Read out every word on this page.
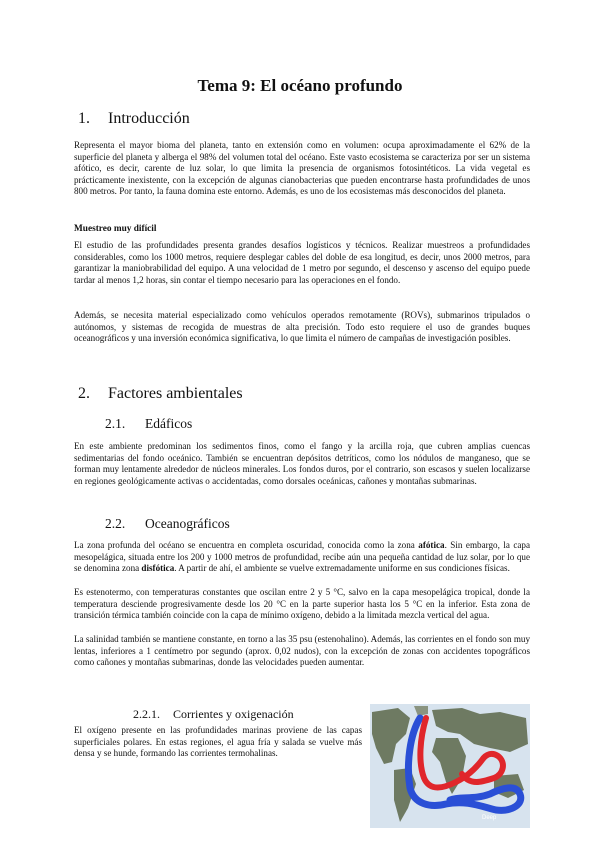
Tema 9: El océano profundo
1. Introducción

Representa el mayor bioma del planeta, tanto en extensión como en volumen: ocupa aproximadamente el 62% de la superficie del planeta y alberga el 98% del volumen total del océano. Este vasto ecosistema se caracteriza por ser un sistema afótico, es decir, carente de luz solar, lo que limita la presencia de organismos fotosintéticos. La vida vegetal es prácticamente inexistente, con la excepción de algunas cianobacterias que pueden encontrarse hasta profundidades de unos 800 metros. Por tanto, la fauna domina este entorno. Además, es uno de los ecosistemas más desconocidos del planeta.

Muestreo muy difícil

El estudio de las profundidades presenta grandes desafíos logísticos y técnicos. Realizar muestreos a profundidades considerables, como los 1000 metros, requiere desplegar cables del doble de esa longitud, es decir, unos 2000 metros, para garantizar la maniobrabilidad del equipo. A una velocidad de 1 metro por segundo, el descenso y ascenso del equipo puede tardar al menos 1,2 horas, sin contar el tiempo necesario para las operaciones en el fondo.

Además, se necesita material especializado como vehículos operados remotamente (ROVs), submarinos tripulados o autónomos, y sistemas de recogida de muestras de alta precisión. Todo esto requiere el uso de grandes buques oceanográficos y una inversión económica significativa, lo que limita el número de campañas de investigación posibles.

2. Factores ambientales
2.1. Edáficos

En este ambiente predominan los sedimentos finos, como el fango y la arcilla roja, que cubren amplias cuencas sedimentarias del fondo oceánico. También se encuentran depósitos detríticos, como los nódulos de manganeso, que se forman muy lentamente alrededor de núcleos minerales. Los fondos duros, por el contrario, son escasos y suelen localizarse en regiones geológicamente activas o accidentadas, como dorsales oceánicas, cañones y montañas submarinas.

2.2. Oceanográficos

La zona profunda del océano se encuentra en completa oscuridad, conocida como la zona afótica. Sin embargo, la capa mesopelágica, situada entre los 200 y 1000 metros de profundidad, recibe aún una pequeña cantidad de luz solar, por lo que se denomina zona disfótica. A partir de ahí, el ambiente se vuelve extremadamente uniforme en sus condiciones físicas.

Es estenotermo, con temperaturas constantes que oscilan entre 2 y 5 °C, salvo en la capa mesopelágica tropical, donde la temperatura desciende progresivamente desde los 20 °C en la parte superior hasta los 5 °C en la inferior. Esta zona de transición térmica también coincide con la capa de mínimo oxígeno, debido a la limitada mezcla vertical del agua.

La salinidad también se mantiene constante, en torno a las 35 psu (estenohalino). Además, las corrientes en el fondo son muy lentas, inferiores a 1 centímetro por segundo (aprox. 0,02 nudos), con la excepción de zonas con accidentes topográficos como cañones y montañas submarinas, donde las velocidades pueden aumentar.

2.2.1. Corrientes y oxigenación

El oxígeno presente en las profundidades marinas proviene de las capas superficiales polares. En estas regiones, el agua fría y salada se vuelve más densa y se hunde, formando las corrientes termohalinas.

Deep
